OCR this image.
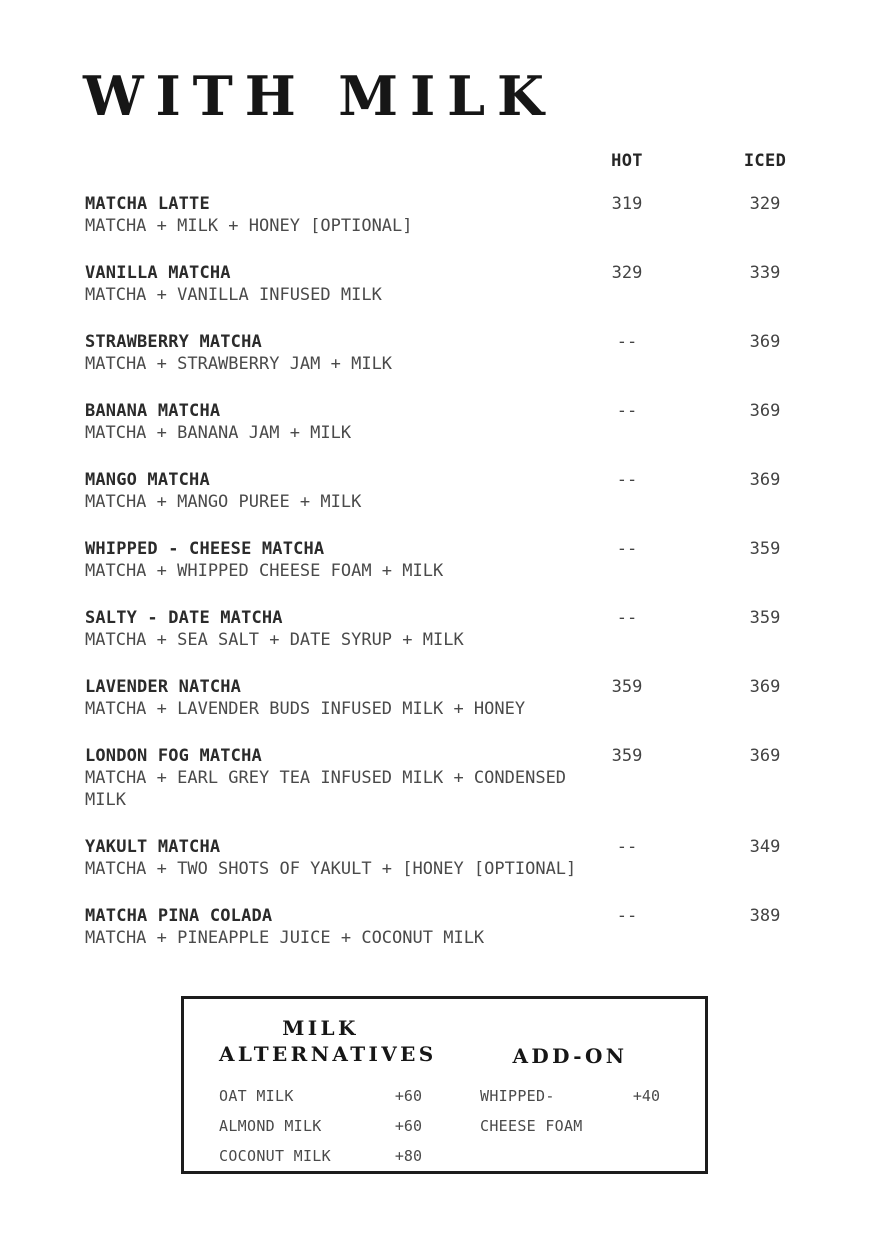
WITH MILK
HOT	ICED
MATCHA LATTE
MATCHA + MILK + HONEY [OPTIONAL]
319	329
VANILLA MATCHA
MATCHA + VANILLA INFUSED MILK
329	339
STRAWBERRY MATCHA
MATCHA + STRAWBERRY JAM + MILK
--	369
BANANA MATCHA
MATCHA + BANANA JAM + MILK
--	369
MANGO MATCHA
MATCHA + MANGO PUREE + MILK
--	369
WHIPPED - CHEESE MATCHA
MATCHA + WHIPPED CHEESE FOAM + MILK
--	359
SALTY - DATE MATCHA
MATCHA + SEA SALT + DATE SYRUP + MILK
--	359
LAVENDER NATCHA
MATCHA + LAVENDER BUDS INFUSED MILK + HONEY
359	369
LONDON FOG MATCHA
MATCHA + EARL GREY TEA INFUSED MILK + CONDENSED MILK
359	369
YAKULT MATCHA
MATCHA + TWO SHOTS OF YAKULT + [HONEY [OPTIONAL]
--	349
MATCHA PINA COLADA
MATCHA + PINEAPPLE JUICE + COCONUT MILK
--	389
MILK
ALTERNATIVES
OAT MILK	+60
ALMOND MILK	+60
COCONUT MILK	+80
ADD-ON
WHIPPED-	+40
CHEESE FOAM
